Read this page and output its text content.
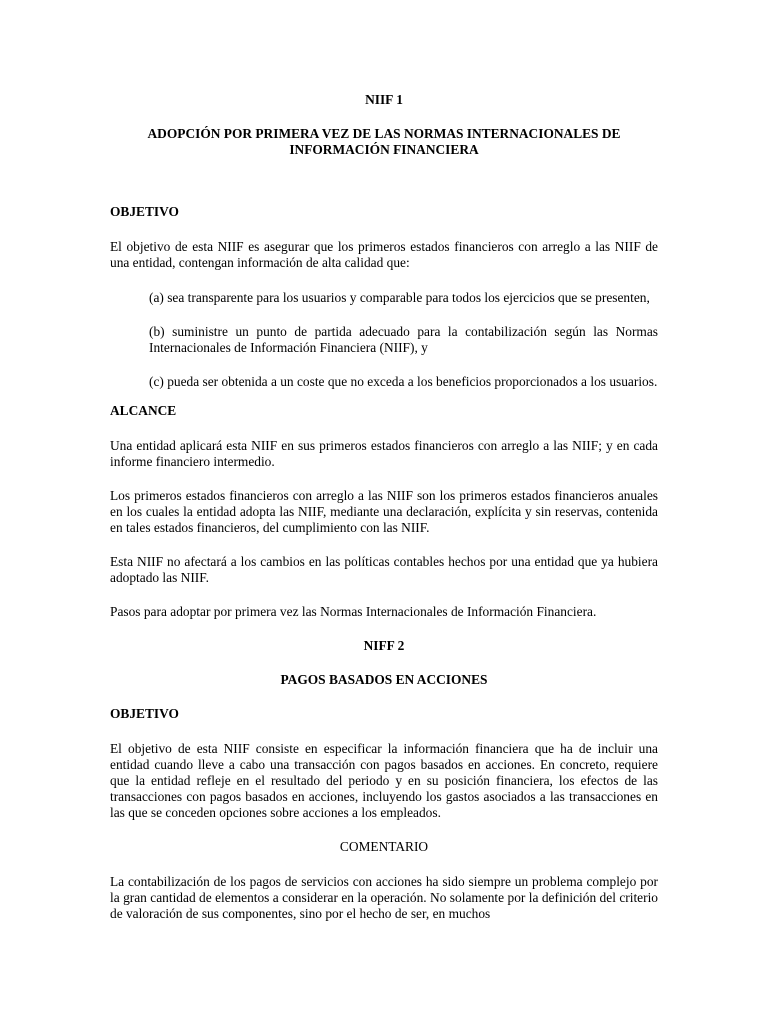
NIIF 1
ADOPCIÓN POR PRIMERA VEZ DE LAS NORMAS INTERNACIONALES DE INFORMACIÓN FINANCIERA
OBJETIVO

El objetivo de esta NIIF es asegurar que los primeros estados financieros con arreglo a las NIIF de una entidad, contengan información de alta calidad que:

(a) sea transparente para los usuarios y comparable para todos los ejercicios que se presenten,

(b) suministre un punto de partida adecuado para la contabilización según las Normas Internacionales de Información Financiera (NIIF), y

(c) pueda ser obtenida a un coste que no exceda a los beneficios proporcionados a los usuarios.

ALCANCE

Una entidad aplicará esta NIIF en sus primeros estados financieros con arreglo a las NIIF; y en cada informe financiero intermedio.

Los primeros estados financieros con arreglo a las NIIF son los primeros estados financieros anuales en los cuales la entidad adopta las NIIF, mediante una declaración, explícita y sin reservas, contenida en tales estados financieros, del cumplimiento con las NIIF.

Esta NIIF no afectará a los cambios en las políticas contables hechos por una entidad que ya hubiera adoptado las NIIF.

Pasos para adoptar por primera vez las Normas Internacionales de Información Financiera.

NIFF 2
PAGOS BASADOS EN ACCIONES
OBJETIVO

El objetivo de esta NIIF consiste en especificar la información financiera que ha de incluir una entidad cuando lleve a cabo una transacción con pagos basados en acciones. En concreto, requiere que la entidad refleje en el resultado del periodo y en su posición financiera, los efectos de las transacciones con pagos basados en acciones, incluyendo los gastos asociados a las transacciones en las que se conceden opciones sobre acciones a los empleados.

COMENTARIO

La contabilización de los pagos de servicios con acciones ha sido siempre un problema complejo por la gran cantidad de elementos a considerar en la operación. No solamente por la definición del criterio de valoración de sus componentes, sino por el hecho de ser, en muchos
